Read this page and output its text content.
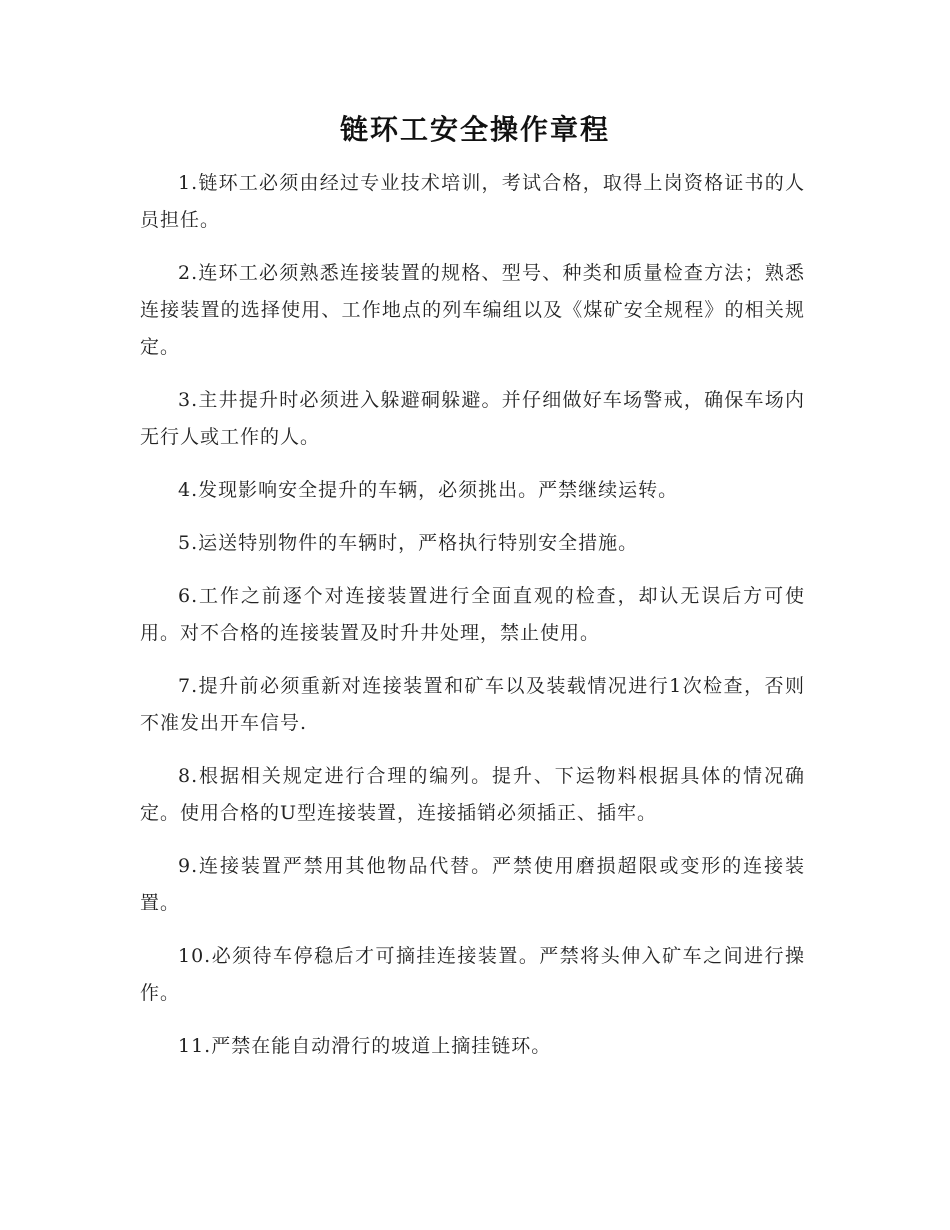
链环工安全操作章程

1.链环工必须由经过专业技术培训，考试合格，取得上岗资格证书的人员担任。

2.连环工必须熟悉连接装置的规格、型号、种类和质量检查方法；熟悉连接装置的选择使用、工作地点的列车编组以及《煤矿安全规程》的相关规定。

3.主井提升时必须进入躲避硐躲避。并仔细做好车场警戒，确保车场内无行人或工作的人。

4.发现影响安全提升的车辆，必须挑出。严禁继续运转。

5.运送特别物件的车辆时，严格执行特别安全措施。

6.工作之前逐个对连接装置进行全面直观的检查，却认无误后方可使用。对不合格的连接装置及时升井处理，禁止使用。

7.提升前必须重新对连接装置和矿车以及装载情况进行1次检查，否则不准发出开车信号.

8.根据相关规定进行合理的编列。提升、下运物料根据具体的情况确定。使用合格的U型连接装置，连接插销必须插正、插牢。

9.连接装置严禁用其他物品代替。严禁使用磨损超限或变形的连接装置。

10.必须待车停稳后才可摘挂连接装置。严禁将头伸入矿车之间进行操作。

11.严禁在能自动滑行的坡道上摘挂链环。
